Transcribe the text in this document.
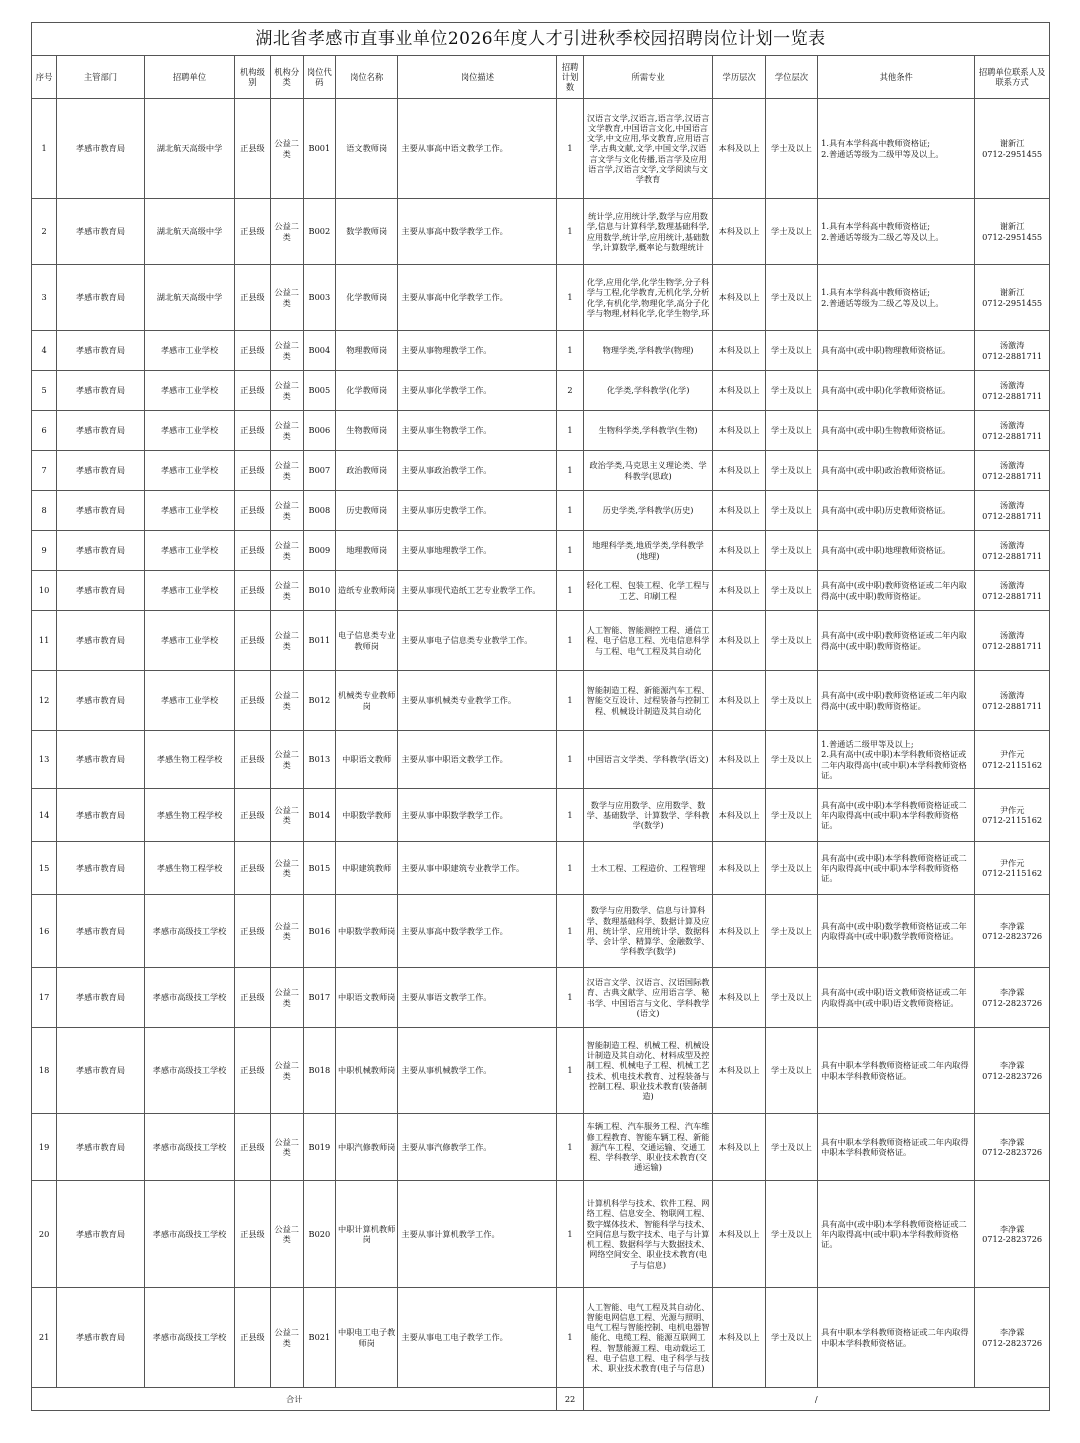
湖北省孝感市直事业单位2026年度人才引进秋季校园招聘岗位计划一览表													
序号	主管部门	招聘单位	机构级别	机构分类	岗位代码	岗位名称	岗位描述	招聘计划数	所需专业	学历层次	学位层次	其他条件	招聘单位联系人及联系方式
1	孝感市教育局	湖北航天高级中学	正县级	公益二类	B001	语文教师岗	主要从事高中语文教学工作。	1	汉语言文学,汉语言,语言学,汉语言文学教育,中国语言文化,中国语言文学,中文应用,华文教育,应用语言学,古典文献,文学,中国文学,汉语言文学与文化传播,语言学及应用语言学,汉语言文学,文学阅读与文学教育	本科及以上	学士及以上	1.具有本学科高中教师资格证;
2.普通话等级为二级甲等及以上。	谢新江
0712-2951455
2	孝感市教育局	湖北航天高级中学	正县级	公益二类	B002	数学教师岗	主要从事高中数学教学工作。	1	统计学,应用统计学,数学与应用数学,信息与计算科学,数理基础科学,应用数学,统计学,应用统计,基础数学,计算数学,概率论与数理统计	本科及以上	学士及以上	1.具有本学科高中教师资格证;
2.普通话等级为二级乙等及以上。	谢新江
0712-2951455
3	孝感市教育局	湖北航天高级中学	正县级	公益二类	B003	化学教师岗	主要从事高中化学教学工作。	1	化学,应用化学,化学生物学,分子科学与工程,化学教育,无机化学,分析化学,有机化学,物理化学,高分子化学与物理,材料化学,化学生物学,环	本科及以上	学士及以上	1.具有本学科高中教师资格证;
2.普通话等级为二级乙等及以上。	谢新江
0712-2951455
4	孝感市教育局	孝感市工业学校	正县级	公益二类	B004	物理教师岗	主要从事物理教学工作。	1	物理学类,学科教学(物理)	本科及以上	学士及以上	具有高中(或中职)物理教师资格证。	汤激涛
0712-2881711
5	孝感市教育局	孝感市工业学校	正县级	公益二类	B005	化学教师岗	主要从事化学教学工作。	2	化学类,学科教学(化学)	本科及以上	学士及以上	具有高中(或中职)化学教师资格证。	汤激涛
0712-2881711
6	孝感市教育局	孝感市工业学校	正县级	公益二类	B006	生物教师岗	主要从事生物教学工作。	1	生物科学类,学科教学(生物)	本科及以上	学士及以上	具有高中(或中职)生物教师资格证。	汤激涛
0712-2881711
7	孝感市教育局	孝感市工业学校	正县级	公益二类	B007	政治教师岗	主要从事政治教学工作。	1	政治学类,马克思主义理论类、学科教学(思政)	本科及以上	学士及以上	具有高中(或中职)政治教师资格证。	汤激涛
0712-2881711
8	孝感市教育局	孝感市工业学校	正县级	公益二类	B008	历史教师岗	主要从事历史教学工作。	1	历史学类,学科教学(历史)	本科及以上	学士及以上	具有高中(或中职)历史教师资格证。	汤激涛
0712-2881711
9	孝感市教育局	孝感市工业学校	正县级	公益二类	B009	地理教师岗	主要从事地理教学工作。	1	地理科学类,地质学类,学科教学(地理)	本科及以上	学士及以上	具有高中(或中职)地理教师资格证。	汤激涛
0712-2881711
10	孝感市教育局	孝感市工业学校	正县级	公益二类	B010	造纸专业教师岗	主要从事现代造纸工艺专业教学工作。	1	轻化工程、包装工程、化学工程与工艺、印刷工程	本科及以上	学士及以上	具有高中(或中职)教师资格证或二年内取得高中(或中职)教师资格证。	汤激涛
0712-2881711
11	孝感市教育局	孝感市工业学校	正县级	公益二类	B011	电子信息类专业教师岗	主要从事电子信息类专业教学工作。	1	人工智能、智能测控工程、通信工程、电子信息工程、光电信息科学与工程、电气工程及其自动化	本科及以上	学士及以上	具有高中(或中职)教师资格证或二年内取得高中(或中职)教师资格证。	汤激涛
0712-2881711
12	孝感市教育局	孝感市工业学校	正县级	公益二类	B012	机械类专业教师岗	主要从事机械类专业教学工作。	1	智能制造工程、新能源汽车工程、智能交互设计、过程装备与控制工程、机械设计制造及其自动化	本科及以上	学士及以上	具有高中(或中职)教师资格证或二年内取得高中(或中职)教师资格证。	汤激涛
0712-2881711
13	孝感市教育局	孝感生物工程学校	正县级	公益二类	B013	中职语文教师	主要从事中职语文教学工作。	1	中国语言文学类、学科教学(语文)	本科及以上	学士及以上	1.普通话二级甲等及以上;
2.具有高中(或中职)本学科教师资格证或二年内取得高中(或中职)本学科教师资格证。	尹作元
0712-2115162
14	孝感市教育局	孝感生物工程学校	正县级	公益二类	B014	中职数学教师	主要从事中职数学教学工作。	1	数学与应用数学、应用数学、数学、基础数学、计算数学、学科教学(数学)	本科及以上	学士及以上	具有高中(或中职)本学科教师资格证或二年内取得高中(或中职)本学科教师资格证。	尹作元
0712-2115162
15	孝感市教育局	孝感生物工程学校	正县级	公益二类	B015	中职建筑教师	主要从事中职建筑专业教学工作。	1	土木工程、工程造价、工程管理	本科及以上	学士及以上	具有高中(或中职)本学科教师资格证或二年内取得高中(或中职)本学科教师资格证。	尹作元
0712-2115162
16	孝感市教育局	孝感市高级技工学校	正县级	公益二类	B016	中职数学教师岗	主要从事高中数学教学工作。	1	数学与应用数学、信息与计算科学、数理基础科学、数据计算及应用、统计学、应用统计学、数据科学、会计学、精算学、金融数学、学科教学(数学)	本科及以上	学士及以上	具有高中(或中职)数学教师资格证或二年内取得高中(或中职)数学教师资格证。	李净霖
0712-2823726
17	孝感市教育局	孝感市高级技工学校	正县级	公益二类	B017	中职语文教师岗	主要从事语文教学工作。	1	汉语言文学、汉语言、汉语国际教育、古典文献学、应用语言学、秘书学、中国语言与文化、学科教学(语文)	本科及以上	学士及以上	具有高中(或中职)语文教师资格证或二年内取得高中(或中职)语文教师资格证。	李净霖
0712-2823726
18	孝感市教育局	孝感市高级技工学校	正县级	公益二类	B018	中职机械教师岗	主要从事机械教学工作。	1	智能制造工程、机械工程、机械设计制造及其自动化、材料成型及控制工程、机械电子工程、机械工艺技术、机电技术教育、过程装备与控制工程、职业技术教育(装备制造)	本科及以上	学士及以上	具有中职本学科教师资格证或二年内取得中职本学科教师资格证。	李净霖
0712-2823726
19	孝感市教育局	孝感市高级技工学校	正县级	公益二类	B019	中职汽修教师岗	主要从事汽修教学工作。	1	车辆工程、汽车服务工程、汽车维修工程教育、智能车辆工程、新能源汽车工程、交通运输、交通工程、学科教学、职业技术教育(交通运输)	本科及以上	学士及以上	具有中职本学科教师资格证或二年内取得中职本学科教师资格证。	李净霖
0712-2823726
20	孝感市教育局	孝感市高级技工学校	正县级	公益二类	B020	中职计算机教师岗	主要从事计算机教学工作。	1	计算机科学与技术、软件工程、网络工程、信息安全、物联网工程、数字媒体技术、智能科学与技术、空间信息与数字技术、电子与计算机工程、数据科学与大数据技术、网络空间安全、职业技术教育(电子与信息)	本科及以上	学士及以上	具有高中(或中职)本学科教师资格证或二年内取得高中(或中职)本学科教师资格证。	李净霖
0712-2823726
21	孝感市教育局	孝感市高级技工学校	正县级	公益二类	B021	中职电工电子教师岗	主要从事电工电子教学工作。	1	人工智能、电气工程及其自动化、智能电网信息工程、光源与照明、电气工程与智能控制、电机电器智能化、电缆工程、能源互联网工程、智慧能源工程、电动载运工程、电子信息工程、电子科学与技术、职业技术教育(电子与信息)	本科及以上	学士及以上	具有中职本学科教师资格证或二年内取得中职本学科教师资格证。	李净霖
0712-2823726
合计								22	/				
